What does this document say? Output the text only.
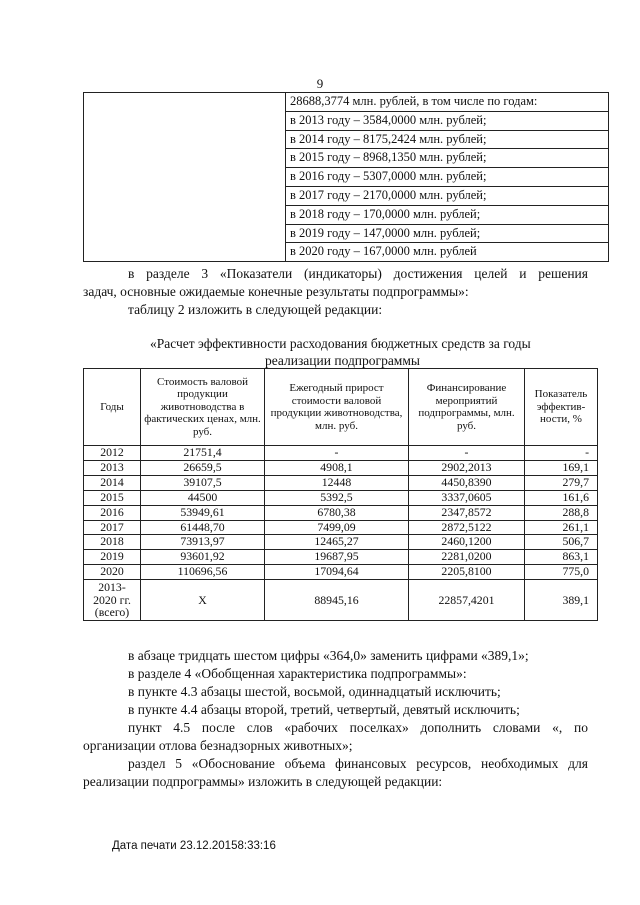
9

28688,3774 млн. рублей, в том числе по годам:
в 2013 году – 3584,0000 млн. рублей;
в 2014 году – 8175,2424 млн. рублей;
в 2015 году – 8968,1350 млн. рублей;
в 2016 году – 5307,0000 млн. рублей;
в 2017 году – 2170,0000 млн. рублей;
в 2018 году – 170,0000 млн. рублей;
в 2019 году – 147,0000 млн. рублей;
в 2020 году – 167,0000 млн. рублей
в разделе 3 «Показатели (индикаторы) достижения целей и решения
задач, основные ожидаемые конечные результаты подпрограммы»:
таблицу 2 изложить в следующей редакции:
«Расчет эффективности расходования бюджетных средств за годы
реализации подпрограммы
Годы	Стоимость валовой продукции животноводства в фактических ценах, млн. руб.	Ежегодный прирост стоимости валовой продукции животноводства, млн. руб.	Финансирование мероприятий подпрограммы, млн. руб.	Показатель эффектив-ности, %
2012	21751,4	-	-	-
2013	26659,5	4908,1	2902,2013	169,1
2014	39107,5	12448	4450,8390	279,7
2015	44500	5392,5	3337,0605	161,6
2016	53949,61	6780,38	2347,8572	288,8
2017	61448,70	7499,09	2872,5122	261,1
2018	73913,97	12465,27	2460,1200	506,7
2019	93601,92	19687,95	2281,0200	863,1
2020	110696,56	17094,64	2205,8100	775,0
2013-2020 гг. (всего)	X	88945,16	22857,4201	389,1
в абзаце тридцать шестом цифры «364,0» заменить цифрами «389,1»;
в разделе 4 «Обобщенная характеристика подпрограммы»:
в пункте 4.3 абзацы шестой, восьмой, одиннадцатый исключить;
в пункте 4.4 абзацы второй, третий, четвертый, девятый исключить;
пункт 4.5 после слов «рабочих поселках» дополнить словами «, по
организации отлова безнадзорных животных»;
раздел 5 «Обоснование объема финансовых ресурсов, необходимых для
реализации подпрограммы» изложить в следующей редакции:
Дата печати 23.12.20158:33:16
